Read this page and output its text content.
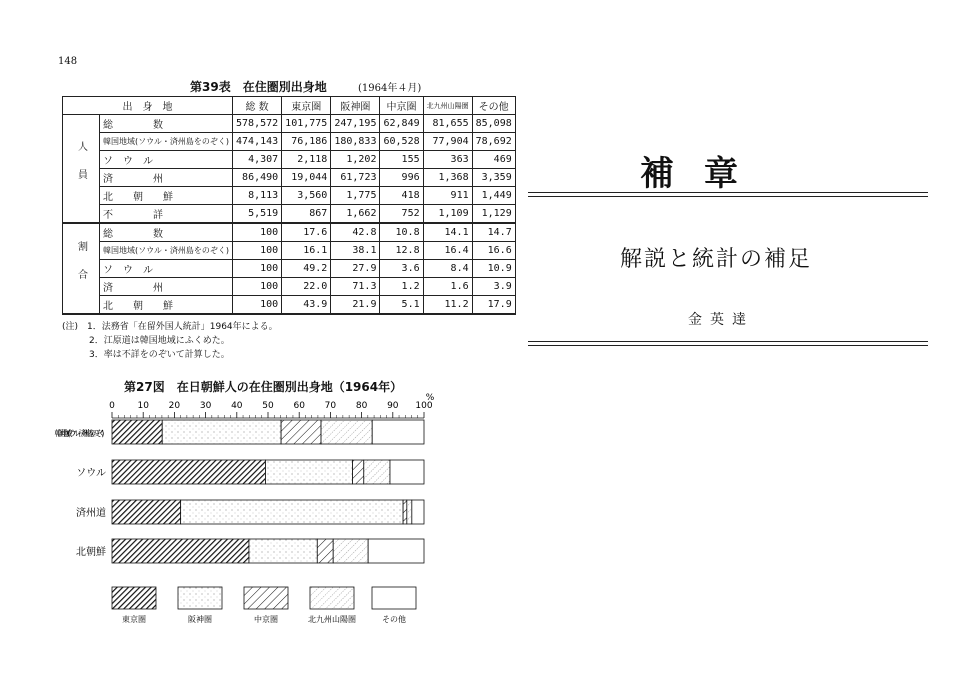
148
第39表　在住圏別出身地	(1964年４月)
出　身　地		総 数	東京圏	阪神圏	中京圏	北九州山陽圏	その他
人員	総　　　　数	578,572	101,775	247,195	62,849	81,655	85,098
	韓国地域(ソウル・済州島をのぞく)	474,143	76,186	180,833	60,528	77,904	78,692
	ソ　ウ　ル	4,307	2,118	1,202	155	363	469
	済　　　　州	86,490	19,044	61,723	996	1,368	3,359
	北　　朝　　鮮	8,113	3,560	1,775	418	911	1,449
	不　　　　詳	5,519	867	1,662	752	1,109	1,129
割合	総　　　　数	100	17.6	42.8	10.8	14.1	14.7
	韓国地域(ソウル・済州島をのぞく)	100	16.1	38.1	12.8	16.4	16.6
	ソ　ウ　ル	100	49.2	27.9	3.6	8.4	10.9
	済　　　　州	100	22.0	71.3	1.2	1.6	3.9
	北　　朝　　鮮	100	43.9	21.9	5.1	11.2	17.9
(注)　1．法務省「在留外国人統計」1964年による。
　　　2．江原道は韓国地域にふくめた。
　　　3．率は不詳をのぞいて計算した。
第27図　在日朝鮮人の在住圏別出身地（1964年）
0	10 20 30 40 50 60 70 80 90 100
%
韓国地域(ソウル・済州島をのぞく)
ソウル
済州道
北朝鮮
東京圏	阪神圏	中京圏	北九州山陽圏	その他
補章
解説と統計の補足
金英達
